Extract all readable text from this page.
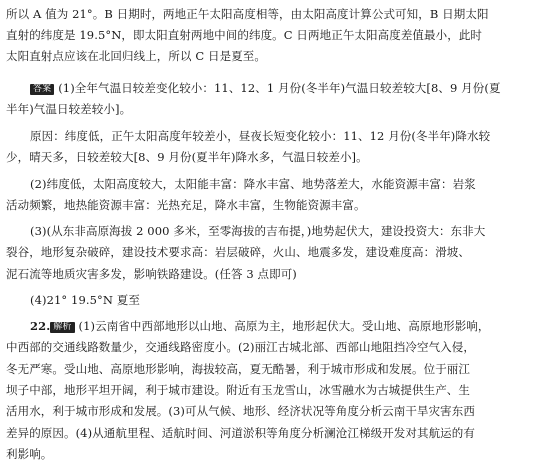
所以 A 值为 21°。B 日期时，两地正午太阳高度相等，由太阳高度计算公式可知，B 日期太阳
直射的纬度是 19.5°N，即太阳直射两地中间的纬度。C 日两地正午太阳高度差值最小，此时
太阳直射点应该在北回归线上，所以 C 日是夏至。
答案 (1)全年气温日较差变化较小：11、12、1 月份(冬半年)气温日较差较大[8、9 月份(夏
半年)气温日较差较小]。
原因：纬度低，正午太阳高度年较差小，昼夜长短变化较小：11、12 月份(冬半年)降水较
少，晴天多，日较差较大[8、9 月份(夏半年)降水多，气温日较差小]。
(2)纬度低，太阳高度较大，太阳能丰富：降水丰富、地势落差大，水能资源丰富：岩浆
活动频繁，地热能资源丰富：光热充足，降水丰富，生物能资源丰富。
(3)(从东非高原海拔 2 000 多米，至零海拔的吉布提，)地势起伏大，建设投资大：东非大
裂谷，地形复杂破碎，建设技术要求高：岩层破碎，火山、地震多发，建设难度高：滑坡、
泥石流等地质灾害多发，影响铁路建设。(任答 3 点即可)
(4)21° 19.5°N 夏至
22. 解析 (1)云南省中西部地形以山地、高原为主，地形起伏大。受山地、高原地形影响，
中西部的交通线路数量少，交通线路密度小。(2)丽江古城北部、西部山地阻挡冷空气入侵，
冬无严寒。受山地、高原地形影响，海拔较高，夏无酷暑，利于城市形成和发展。位于丽江
坝子中部，地形平坦开阔，利于城市建设。附近有玉龙雪山，冰雪融水为古城提供生产、生
活用水，利于城市形成和发展。(3)可从气候、地形、经济状况等角度分析云南干旱灾害东西
差异的原因。(4)从通航里程、适航时间、河道淤积等角度分析澜沧江梯级开发对其航运的有
利影响。
